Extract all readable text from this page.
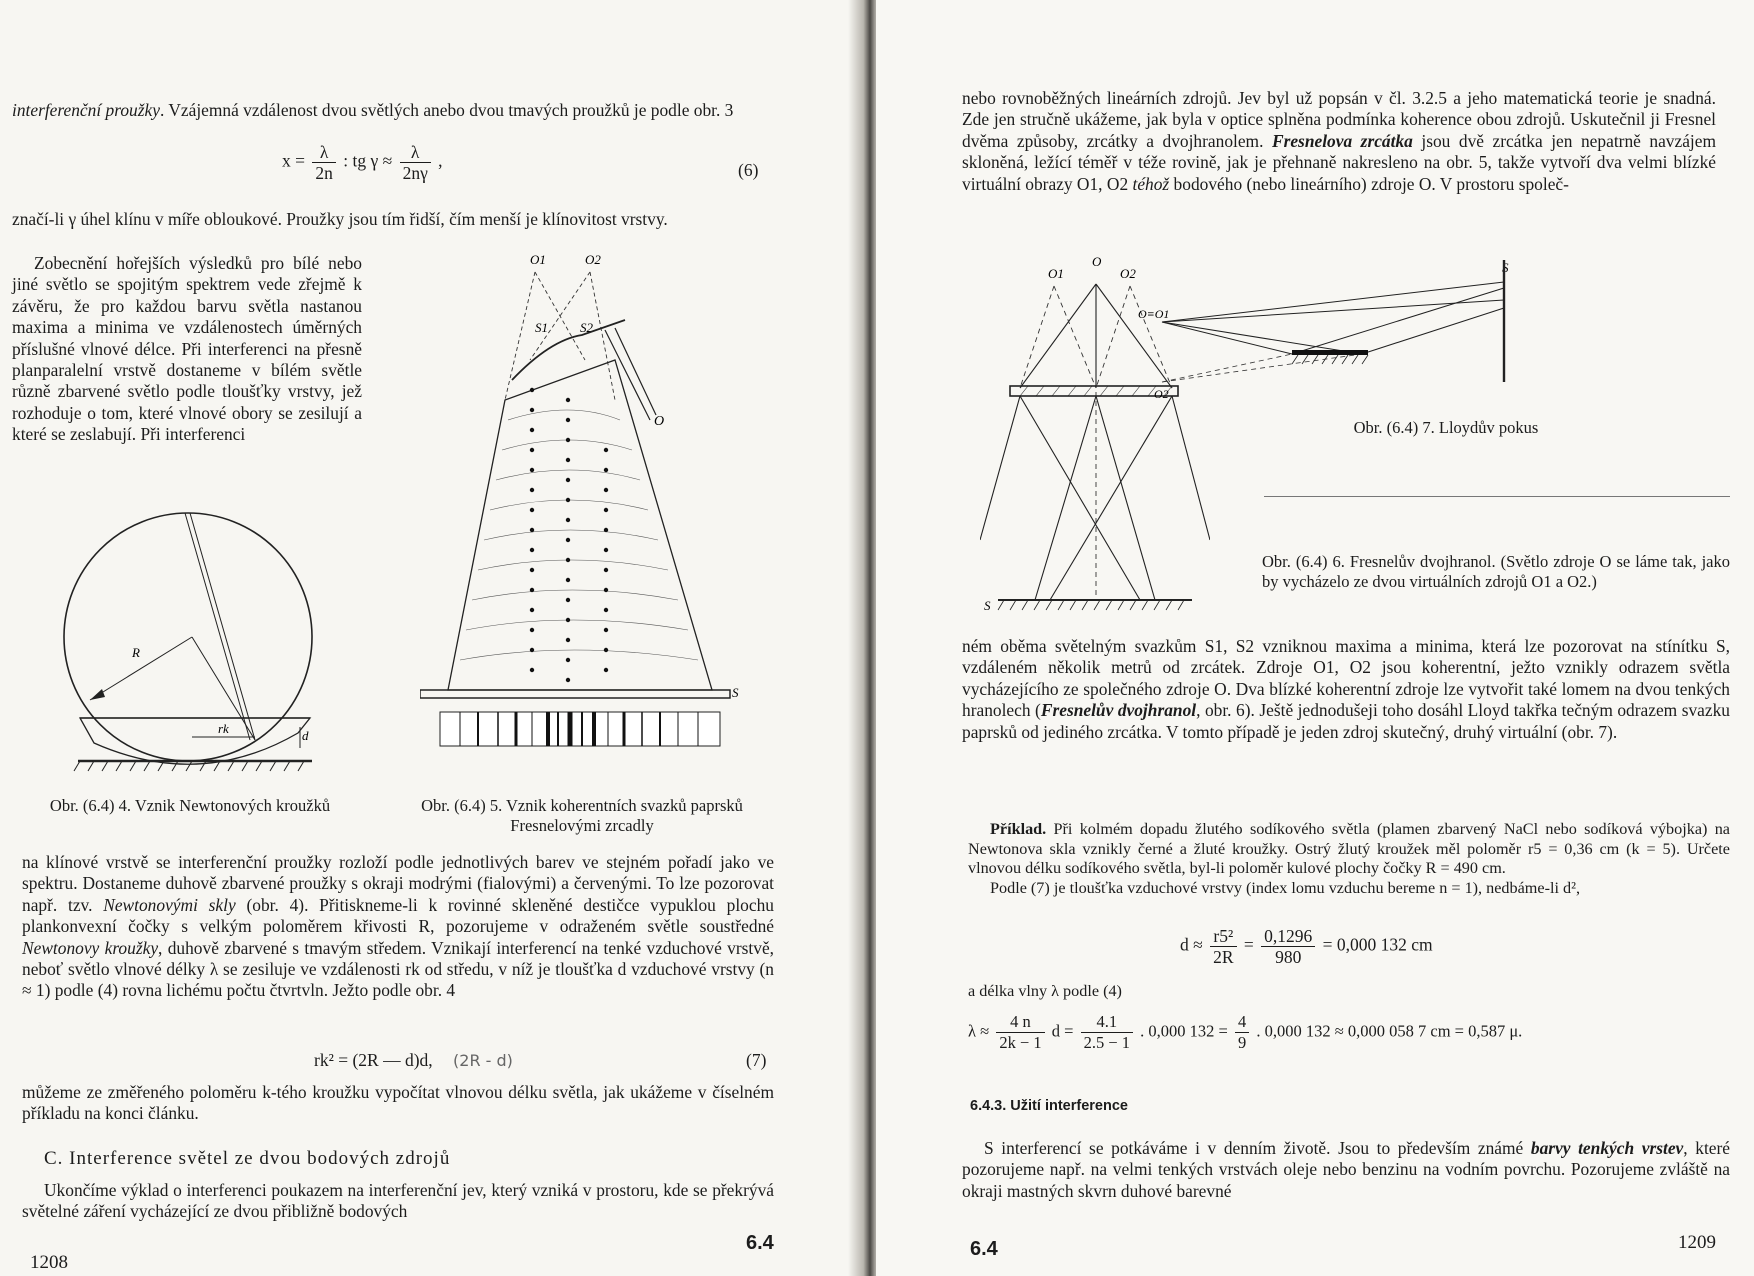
interferenční proužky. Vzájemná vzdálenost dvou světlých anebo dvou tmavých proužků je podle obr. 3

$x = \frac{\lambda}{2n}$ : tg $\gamma \approx \frac{\lambda}{2n\gamma}$ ,	(6)
značí-li γ úhel klínu v míře obloukové. Proužky jsou tím řidší, čím menší je klínovitost vrstvy.
Zobecnění hořejších výsledků pro bílé nebo jiné světlo se spojitým spektrem vede zřejmě k závěru, že pro každou barvu světla nastanou maxima a minima ve vzdálenostech úměrných příslušné vlnové délce. Při interferenci na přesně planparalelní vrstvě dostaneme v bílém světle různě zbarvené světlo podle tloušťky vrstvy, jež rozhoduje o tom, které vlnové obory se zesilují a které se zeslabují. Při interferenci
R
rk	d
Obr. (6.4) 4. Vznik Newtonových kroužků
O1	O2
S1 S2
O
S
Obr. (6.4) 5. Vznik koherentních svazků paprsků Fresnelovými zrcadly

na klínové vrstvě se interferenční proužky rozloží podle jednotlivých barev ve stejném pořadí jako ve spektru. Dostaneme duhově zbarvené proužky s okraji modrými (fialovými) a červenými. To lze pozorovat např. tzv. Newtonovými skly (obr. 4). Přitiskneme-li k rovinné skleněné destičce vypuklou plochu plankonvexní čočky s velkým poloměrem křivosti R, pozorujeme v odraženém světle soustředné Newtonovy kroužky, duhově zbarvené s tmavým středem. Vznikají interferencí na tenké vzduchové vrstvě, neboť světlo vlnové délky λ se zesiluje ve vzdálenosti rk od středu, v níž je tloušťka d vzduchové vrstvy (n ≈ 1) podle (4) rovna lichému počtu čtvrtvln. Ježto podle obr. 4

rk² = (2R — d)d, (2R - d)	(7)
můžeme ze změřeného poloměru k-tého kroužku vypočítat vlnovou délku světla, jak ukážeme v číselném příkladu na konci článku.
C. Interference světel ze dvou bodových zdrojů
Ukončíme výklad o interferenci poukazem na interferenční jev, který vzniká v prostoru, kde se překrývá světelné záření vycházející ze dvou přibližně bodových
1208
6.4

nebo rovnoběžných lineárních zdrojů. Jev byl už popsán v čl. 3.2.5 a jeho matematická teorie je snadná. Zde jen stručně ukážeme, jak byla v optice splněna podmínka koherence obou zdrojů. Uskutečnil ji Fresnel dvěma způsoby, zrcátky a dvojhranolem. Fresnelova zrcátka jsou dvě zrcátka jen nepatrně navzájem skloněná, ležící téměř v téže rovině, jak je přehnaně nakresleno na obr. 5, takže vytvoří dva velmi blízké virtuální obrazy O1, O2 téhož bodového (nebo lineárního) zdroje O. V prostoru společ-

O1
O
O2
S
S
O≡O1
O2
Obr. (6.4) 7. Lloydův pokus
Obr. (6.4) 6. Fresnelův dvojhranol. (Světlo zdroje O se láme tak, jako by vycházelo ze dvou virtuálních zdrojů O1 a O2.)

ném oběma světelným svazkům S1, S2 vzniknou maxima a minima, která lze pozorovat na stínítku S, vzdáleném několik metrů od zrcátek. Zdroje O1, O2 jsou koherentní, ježto vznikly odrazem světla vycházejícího ze společného zdroje O. Dva blízké koherentní zdroje lze vytvořit také lomem na dvou tenkých hranolech (Fresnelův dvojhranol, obr. 6). Ještě jednodušeji toho dosáhl Lloyd takřka tečným odrazem svazku paprsků od jediného zrcátka. V tomto případě je jeden zdroj skutečný, druhý virtuální (obr. 7).

Příklad. Při kolmém dopadu žlutého sodíkového světla (plamen zbarvený NaCl nebo sodíková výbojka) na Newtonova skla vznikly černé a žluté kroužky. Ostrý žlutý kroužek měl poloměr r5 = 0,36 cm (k = 5). Určete vlnovou délku sodíkového světla, byl-li poloměr kulové plochy čočky R = 490 cm.

Podle (7) je tloušťka vzduchové vrstvy (index lomu vzduchu bereme n = 1), nedbáme-li d²,

$d \approx \frac{\text{r5²}}{2R} = \frac{0,1296}{980} = 0,000$ 132 cm
a délka vlny λ podle (4)
$\lambda \approx \frac{4 n}{2k - 1}$ $d = \frac{4.1}{2.5 - 1}$ . 0,000 $132 = \frac{4}{9}$ . 0,000 132 ≈ 0,000 058 7 cm = 0,587 μ.
6.4.3. Užití interference

S interferencí se potkáváme i v denním životě. Jsou to především známé barvy tenkých vrstev, které pozorujeme např. na velmi tenkých vrstvách oleje nebo benzinu na vodním povrchu. Pozorujeme zvláště na okraji mastných skvrn duhové barevné

6.4	1209
